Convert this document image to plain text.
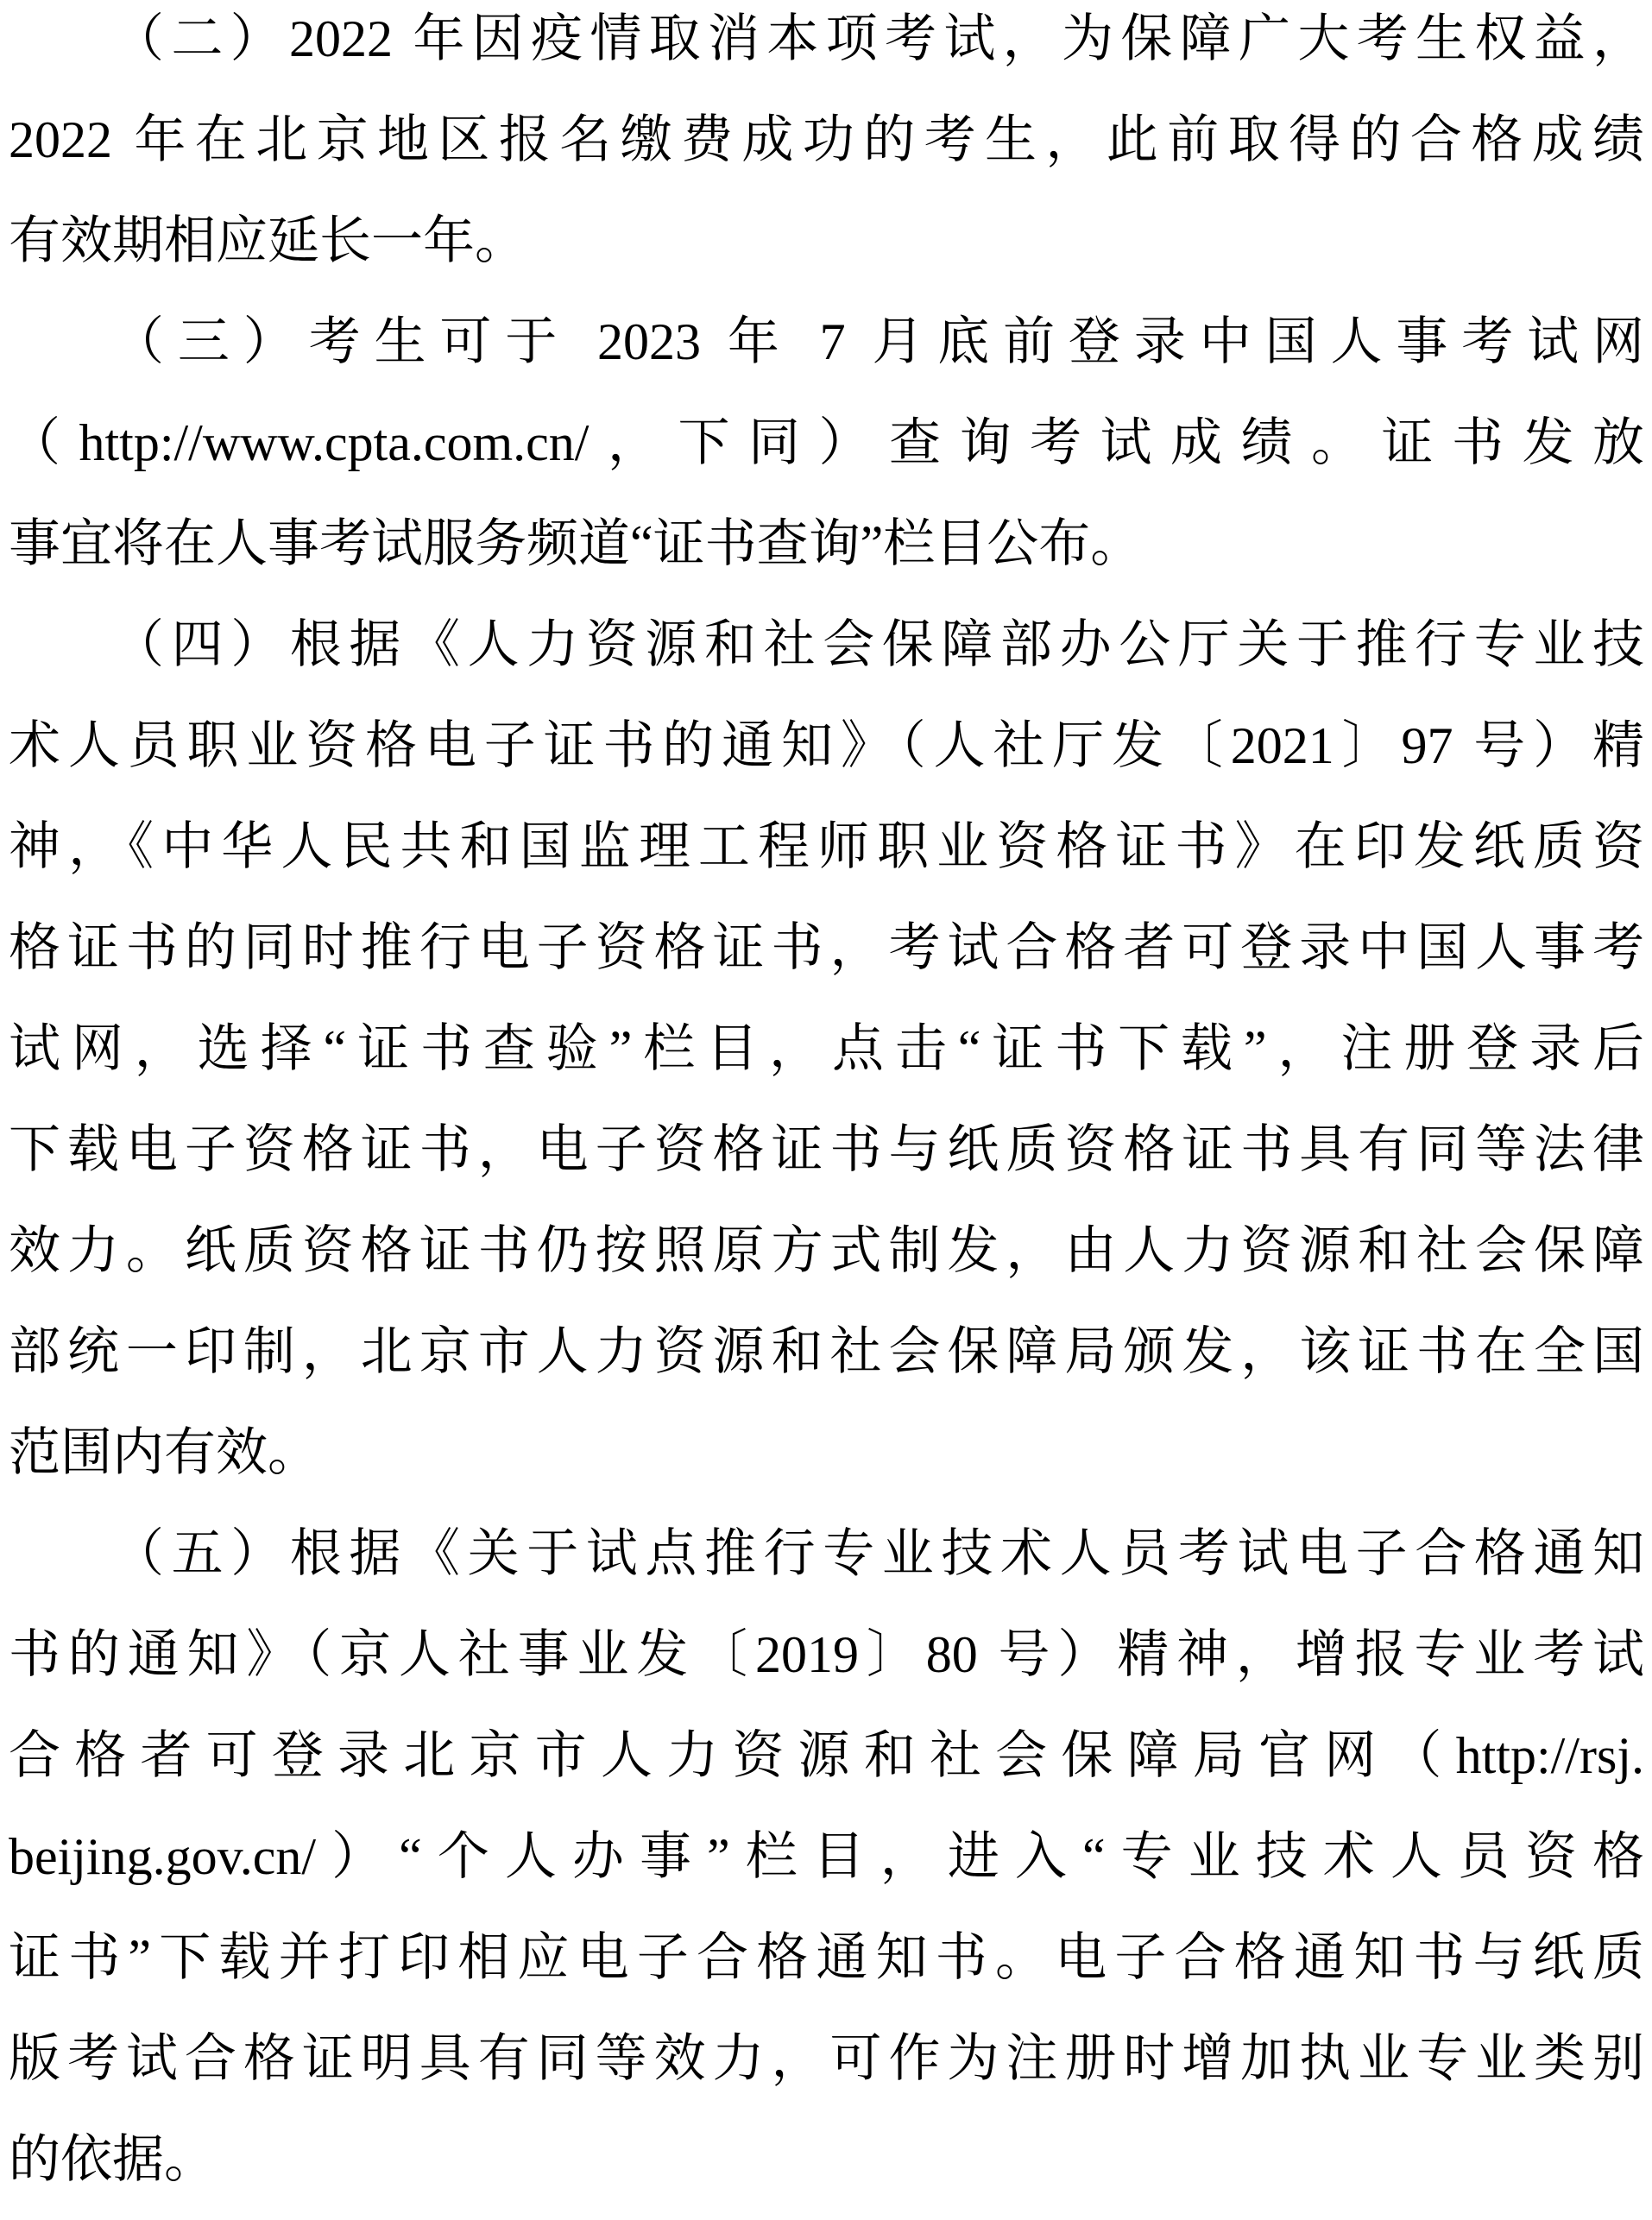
（二）2022 年因疫情取消本项考试，为保障广大考生权益，
2022 年在北京地区报名缴费成功的考生，此前取得的合格成绩
有效期相应延长一年。
（三）考生可于 2023 年 7 月底前登录中国人事考试网
（http://www.cpta.com.cn/，下同）查询考试成绩。证书发放
事宜将在人事考试服务频道“证书查询”栏目公布。
（四）根据《人力资源和社会保障部办公厅关于推行专业技
术人员职业资格电子证书的通知》（人社厅发〔2021〕97 号）精
神，《中华人民共和国监理工程师职业资格证书》在印发纸质资
格证书的同时推行电子资格证书，考试合格者可登录中国人事考
试网，选择“证书查验”栏目，点击“证书下载”，注册登录后
下载电子资格证书，电子资格证书与纸质资格证书具有同等法律
效力。纸质资格证书仍按照原方式制发，由人力资源和社会保障
部统一印制，北京市人力资源和社会保障局颁发，该证书在全国
范围内有效。
（五）根据《关于试点推行专业技术人员考试电子合格通知
书的通知》（京人社事业发〔2019〕80 号）精神，增报专业考试
合格者可登录北京市人力资源和社会保障局官网（http://rsj.
beijing.gov.cn/）“个人办事”栏目，进入“专业技术人员资格
证书”下载并打印相应电子合格通知书。电子合格通知书与纸质
版考试合格证明具有同等效力，可作为注册时增加执业专业类别
的依据。
